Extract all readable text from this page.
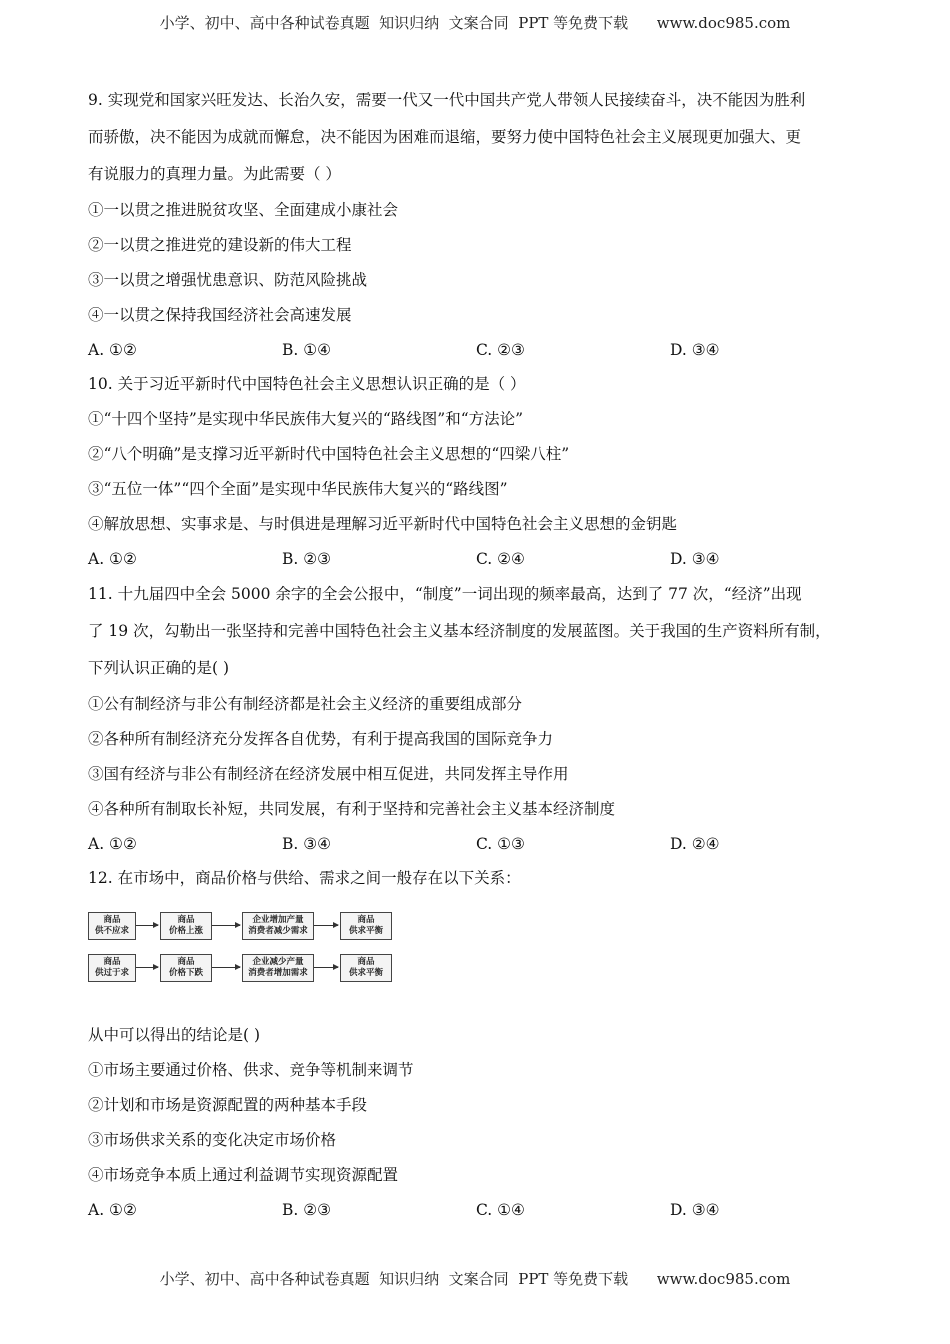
小学、初中、高中各种试卷真题  知识归纳  文案合同  PPT 等免费下载      www.doc985.com
9. 实现党和国家兴旺发达、长治久安，需要一代又一代中国共产党人带领人民接续奋斗，决不能因为胜利
而骄傲，决不能因为成就而懈怠，决不能因为困难而退缩，要努力使中国特色社会主义展现更加强大、更
有说服力的真理力量。为此需要（ ）
①一以贯之推进脱贫攻坚、全面建成小康社会
②一以贯之推进党的建设新的伟大工程
③一以贯之增强忧患意识、防范风险挑战
④一以贯之保持我国经济社会高速发展
A. ①②	B. ①④	C. ②③	D. ③④
10. 关于习近平新时代中国特色社会主义思想认识正确的是（ ）
①“十四个坚持”是实现中华民族伟大复兴的“路线图”和“方法论”
②“八个明确”是支撑习近平新时代中国特色社会主义思想的“四梁八柱”
③“五位一体”“四个全面”是实现中华民族伟大复兴的“路线图”
④解放思想、实事求是、与时俱进是理解习近平新时代中国特色社会主义思想的金钥匙
A. ①②	B. ②③	C. ②④	D. ③④
11. 十九届四中全会 5000 余字的全会公报中，“制度”一词出现的频率最高，达到了 77 次，“经济”出现
了 19 次，勾勒出一张坚持和完善中国特色社会主义基本经济制度的发展蓝图。关于我国的生产资料所有制，
下列认识正确的是( )
①公有制经济与非公有制经济都是社会主义经济的重要组成部分
②各种所有制经济充分发挥各自优势，有利于提高我国的国际竞争力
③国有经济与非公有制经济在经济发展中相互促进，共同发挥主导作用
④各种所有制取长补短，共同发展，有利于坚持和完善社会主义基本经济制度
A. ①②	B. ③④	C. ①③	D. ②④
12. 在市场中，商品价格与供给、需求之间一般存在以下关系：
商品
供不应求
商品
价格上涨
企业增加产量
消费者减少需求
商品
供求平衡
商品
供过于求
商品
价格下跌
企业减少产量
消费者增加需求
商品
供求平衡
从中可以得出的结论是( )
①市场主要通过价格、供求、竞争等机制来调节
②计划和市场是资源配置的两种基本手段
③市场供求关系的变化决定市场价格
④市场竞争本质上通过利益调节实现资源配置
A. ①②	B. ②③	C. ①④	D. ③④
小学、初中、高中各种试卷真题  知识归纳  文案合同  PPT 等免费下载      www.doc985.com
